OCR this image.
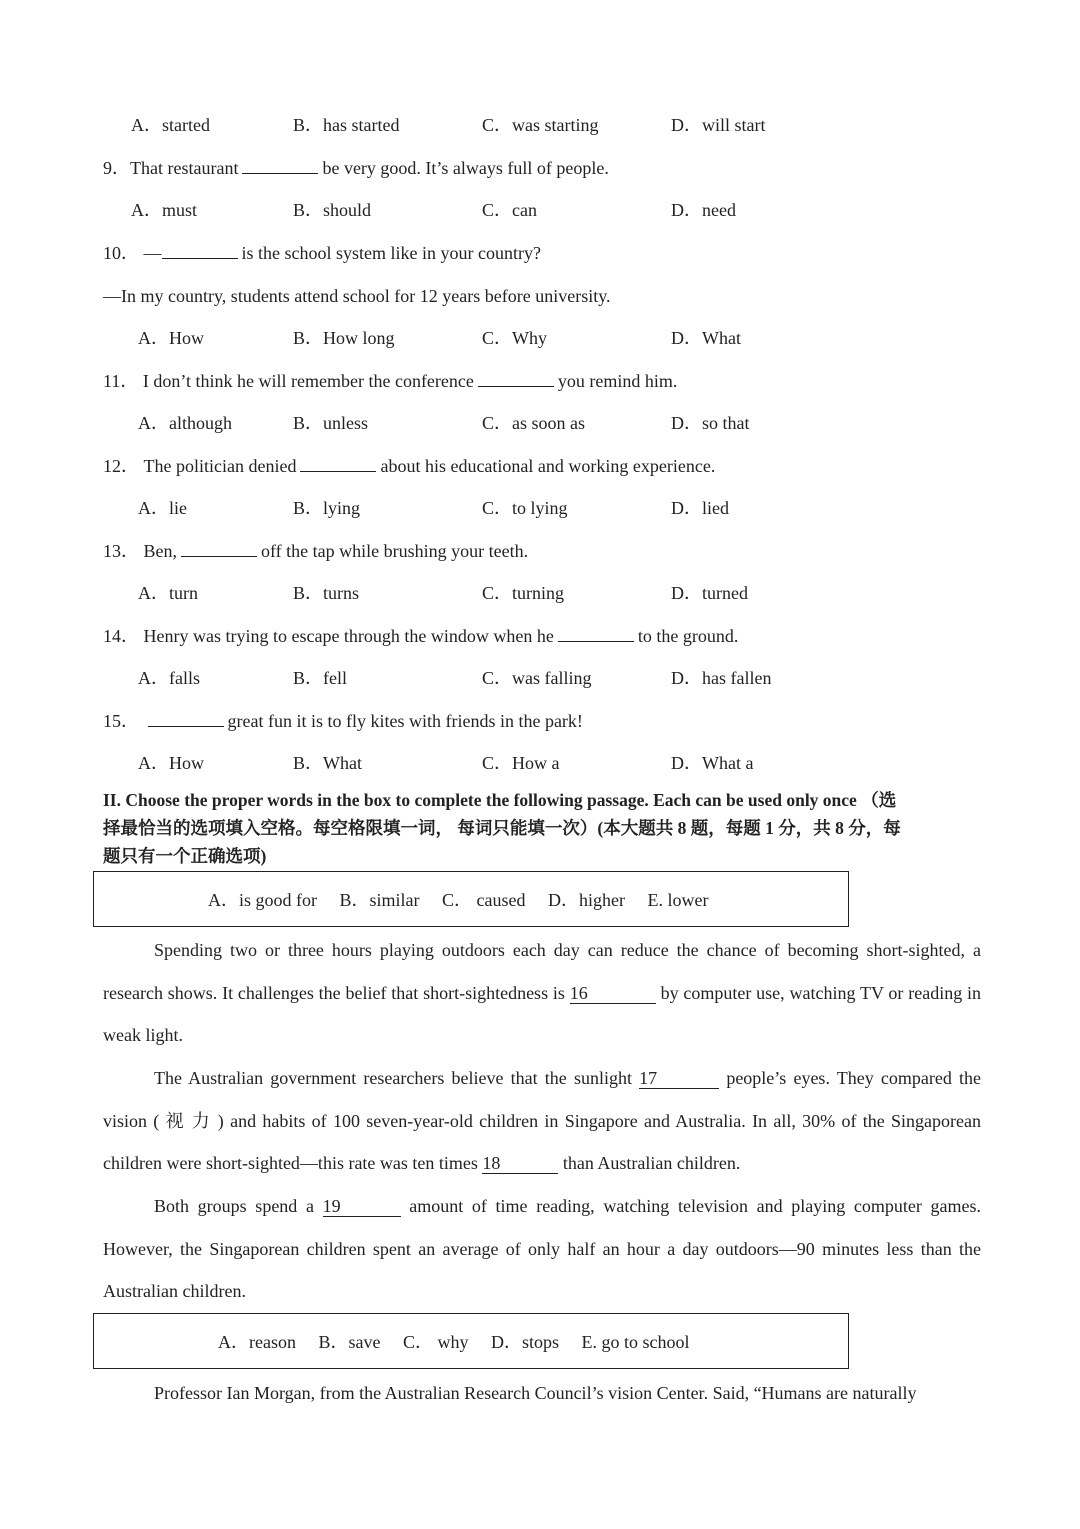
A．started	B．has started	C．was starting	D．will start
9．That restaurant	be very good. It’s always full of people.
A．must	B．should	C．can	D．need
10． —	is the school system like in your country?
—In my country, students attend school for 12 years before university.
A．How	B．How long	C．Why	D．What
11． I don’t think he will remember the conference	you remind him.
A．although	B．unless	C．as soon as	D．so that
12． The politician denied	about his educational and working experience.
A．lie	B．lying	C．to lying	D．lied
13． Ben,	off the tap while brushing your teeth.
A．turn	B．turns	C．turning	D．turned
14． Henry was trying to escape through the window when he	to the ground.
A．falls	B．fell	C．was falling	D．has fallen
15．	great fun it is to fly kites with friends in the park!
A．How	B．What	C．How a	D．What a
II. Choose the proper words in the box to complete the following passage. Each can be used only once （选
择最恰当的选项填入空格。每空格限填一词， 每词只能填一次）(本大题共 8 题，每题 1 分，共 8 分，每
题只有一个正确选项)
A．is good for B．similar C． caused D．higher E. lower
Spending two or three hours playing outdoors each day can reduce the chance of becoming short-sighted, a research shows. It challenges the belief that short-sightedness is 16	by computer use, watching TV or reading in weak light.
The Australian government researchers believe that the sunlight 17	people’s eyes. They compared the vision ( 视 力 ) and habits of 100 seven-year-old children in Singapore and Australia. In all, 30% of the Singaporean children were short-sighted—this rate was ten times 18	than Australian children.
Both groups spend a 19	amount of time reading, watching television and playing computer games. However, the Singaporean children spent an average of only half an hour a day outdoors—90 minutes less than the Australian children.
A．reason B．save C． why D．stops E. go to school
Professor Ian Morgan, from the Australian Research Council’s vision Center. Said, “Humans are naturally
